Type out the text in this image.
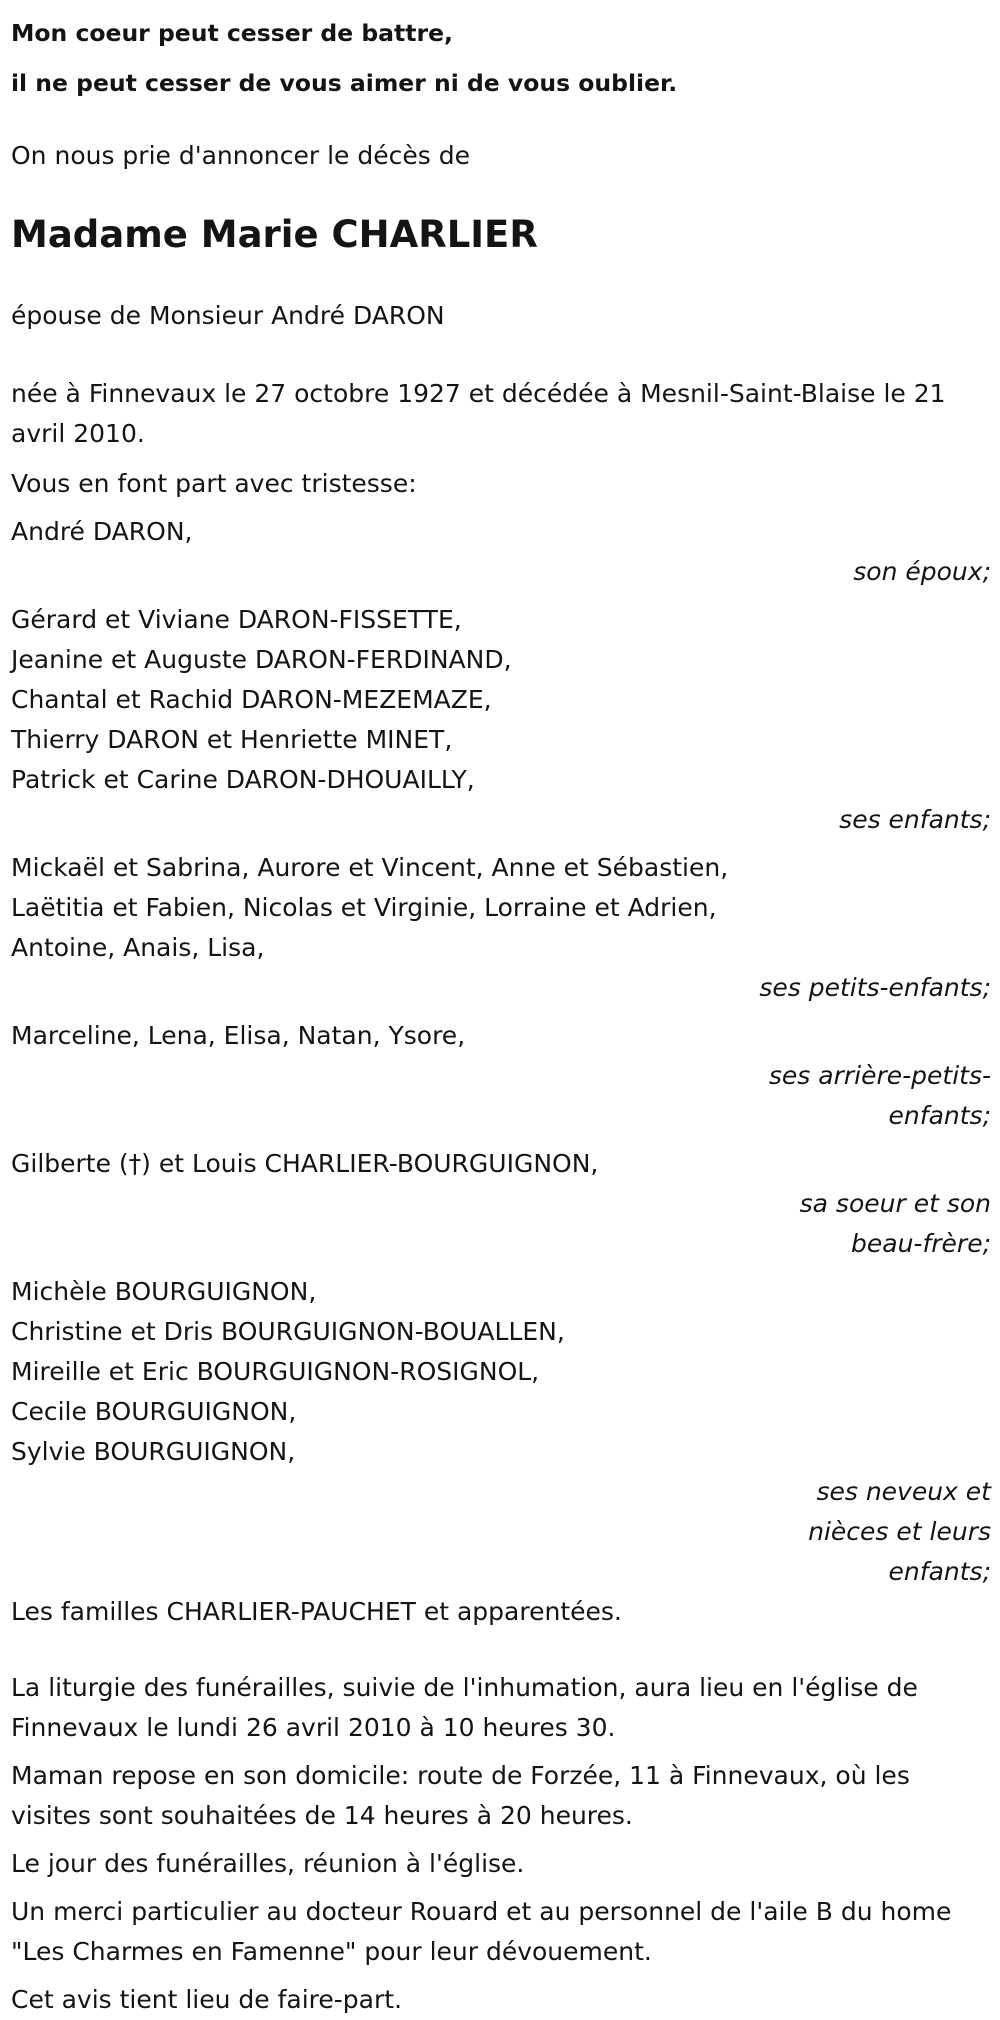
Mon coeur peut cesser de battre,

il ne peut cesser de vous aimer ni de vous oublier.

On nous prie d'annoncer le décès de

Madame Marie CHARLIER

épouse de Monsieur André DARON

née à Finnevaux le 27 octobre 1927 et décédée à Mesnil-Saint-Blaise le 21 avril 2010.

Vous en font part avec tristesse:

André DARON,
son époux;
Gérard et Viviane DARON-FISSETTE,
Jeanine et Auguste DARON-FERDINAND,
Chantal et Rachid DARON-MEZEMAZE,
Thierry DARON et Henriette MINET,
Patrick et Carine DARON-DHOUAILLY,
ses enfants;
Mickaël et Sabrina, Aurore et Vincent, Anne et Sébastien,
Laëtitia et Fabien, Nicolas et Virginie, Lorraine et Adrien,
Antoine, Anais, Lisa,
ses petits-enfants;
Marceline, Lena, Elisa, Natan, Ysore,
ses arrière-petits-enfants;
Gilberte (†) et Louis CHARLIER-BOURGUIGNON,
sa soeur et son beau-frère;
Michèle BOURGUIGNON,
Christine et Dris BOURGUIGNON-BOUALLEN,
Mireille et Eric BOURGUIGNON-ROSIGNOL,
Cecile BOURGUIGNON,
Sylvie BOURGUIGNON,
ses neveux et nièces et leurs enfants;

Les familles CHARLIER-PAUCHET et apparentées.

La liturgie des funérailles, suivie de l'inhumation, aura lieu en l'église de Finnevaux le lundi 26 avril 2010 à 10 heures 30.

Maman repose en son domicile: route de Forzée, 11 à Finnevaux, où les visites sont souhaitées de 14 heures à 20 heures.

Le jour des funérailles, réunion à l'église.

Un merci particulier au docteur Rouard et au personnel de l'aile B du home "Les Charmes en Famenne" pour leur dévouement.

Cet avis tient lieu de faire-part.
